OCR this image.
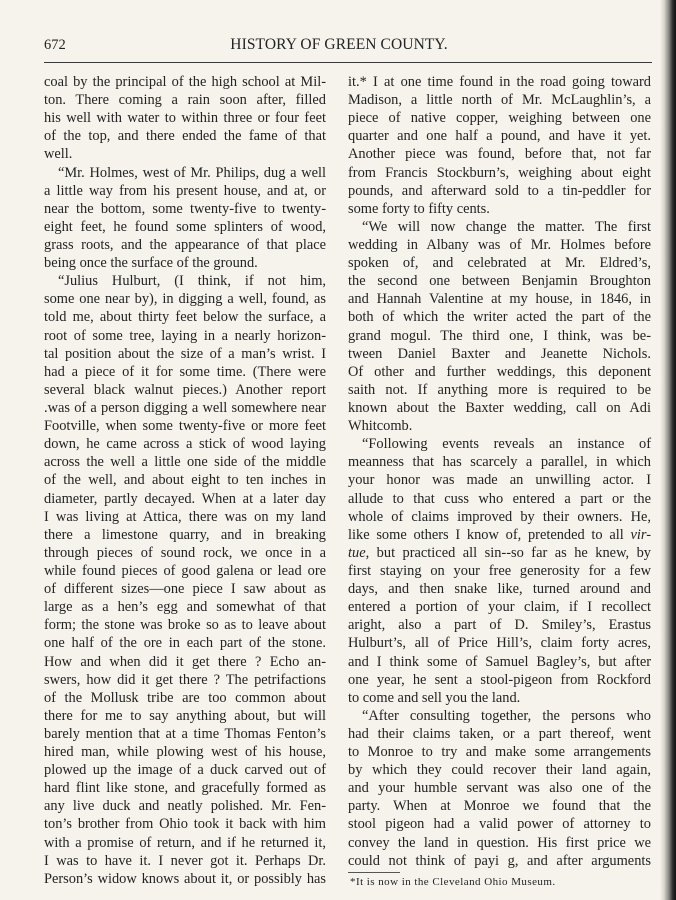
672	HISTORY OF GREEN COUNTY.
coal by the principal of the high school at Mil-
ton. There coming a rain soon after, filled
his well with water to within three or four feet
of the top, and there ended the fame of that
well.
“Mr. Holmes, west of Mr. Philips, dug a well
a little way from his present house, and at, or
near the bottom, some twenty-five to twenty-
eight feet, he found some splinters of wood,
grass roots, and the appearance of that place
being once the surface of the ground.
“Julius Hulburt, (I think, if not him,
some one near by), in digging a well, found, as
told me, about thirty feet below the surface, a
root of some tree, laying in a nearly horizon-
tal position about the size of a man’s wrist. I
had a piece of it for some time. (There were
several black walnut pieces.) Another report
.was of a person digging a well somewhere near
Footville, when some twenty-five or more feet
down, he came across a stick of wood laying
across the well a little one side of the middle
of the well, and about eight to ten inches in
diameter, partly decayed. When at a later day
I was living at Attica, there was on my land
there a limestone quarry, and in breaking
through pieces of sound rock, we once in a
while found pieces of good galena or lead ore
of different sizes—one piece I saw about as
large as a hen’s egg and somewhat of that
form; the stone was broke so as to leave about
one half of the ore in each part of the stone.
How and when did it get there ? Echo an-
swers, how did it get there ? The petrifactions
of the Mollusk tribe are too common about
there for me to say anything about, but will
barely mention that at a time Thomas Fenton’s
hired man, while plowing west of his house,
plowed up the image of a duck carved out of
hard flint like stone, and gracefully formed as
any live duck and neatly polished. Mr. Fen-
ton’s brother from Ohio took it back with him
with a promise of return, and if he returned it,
I was to have it. I never got it. Perhaps Dr.
Person’s widow knows about it, or possibly has
it.* I at one time found in the road going toward
Madison, a little north of Mr. McLaughlin’s, a
piece of native copper, weighing between one
quarter and one half a pound, and have it yet.
Another piece was found, before that, not far
from Francis Stockburn’s, weighing about eight
pounds, and afterward sold to a tin-peddler for
some forty to fifty cents.
“We will now change the matter. The first
wedding in Albany was of Mr. Holmes before
spoken of, and celebrated at Mr. Eldred’s,
the second one between Benjamin Broughton
and Hannah Valentine at my house, in 1846, in
both of which the writer acted the part of the
grand mogul. The third one, I think, was be-
tween Daniel Baxter and Jeanette Nichols.
Of other and further weddings, this deponent
saith not. If anything more is required to be
known about the Baxter wedding, call on Adi
Whitcomb.
“Following events reveals an instance of
meanness that has scarcely a parallel, in which
your honor was made an unwilling actor. I
allude to that cuss who entered a part or the
whole of claims improved by their owners. He,
like some others I know of, pretended to all vir-
tue, but practiced all sin--so far as he knew, by
first staying on your free generosity for a few
days, and then snake like, turned around and
entered a portion of your claim, if I recollect
aright, also a part of D. Smiley’s, Erastus
Hulburt’s, all of Price Hill’s, claim forty acres,
and I think some of Samuel Bagley’s, but after
one year, he sent a stool-pigeon from Rockford
to come and sell you the land.
“After consulting together, the persons who
had their claims taken, or a part thereof, went
to Monroe to try and make some arrangements
by which they could recover their land again,
and your humble servant was also one of the
party. When at Monroe we found that the
stool pigeon had a valid power of attorney to
convey the land in question. His first price we
could not think of payi g, and after arguments
*It is now in the Cleveland Ohio Museum.
